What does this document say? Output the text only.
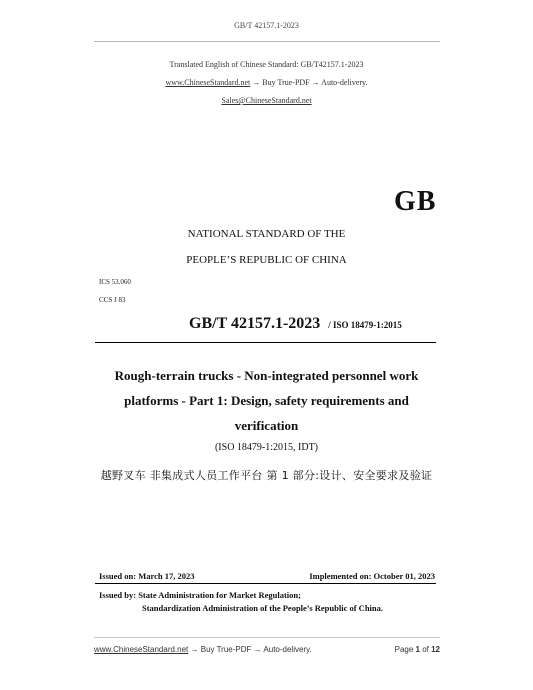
GB/T 42157.1-2023
Translated English of Chinese Standard: GB/T42157.1-2023
www.ChineseStandard.net → Buy True-PDF → Auto-delivery.
Sales@ChineseStandard.net
GB
NATIONAL STANDARD OF THE
PEOPLE’S REPUBLIC OF CHINA
ICS 53.060
CCS J 83
GB/T 42157.1-2023 / ISO 18479-1:2015
Rough-terrain trucks - Non-integrated personnel work
platforms - Part 1: Design, safety requirements and
verification
(ISO 18479-1:2015, IDT)
越野叉车 非集成式人员工作平台 第 1 部分:设计、安全要求及验证
Issued on: March 17, 2023	Implemented on: October 01, 2023
Issued by: State Administration for Market Regulation;
Standardization Administration of the People’s Republic of China.
www.ChineseStandard.net → Buy True-PDF → Auto-delivery.	Page 1 of 12
